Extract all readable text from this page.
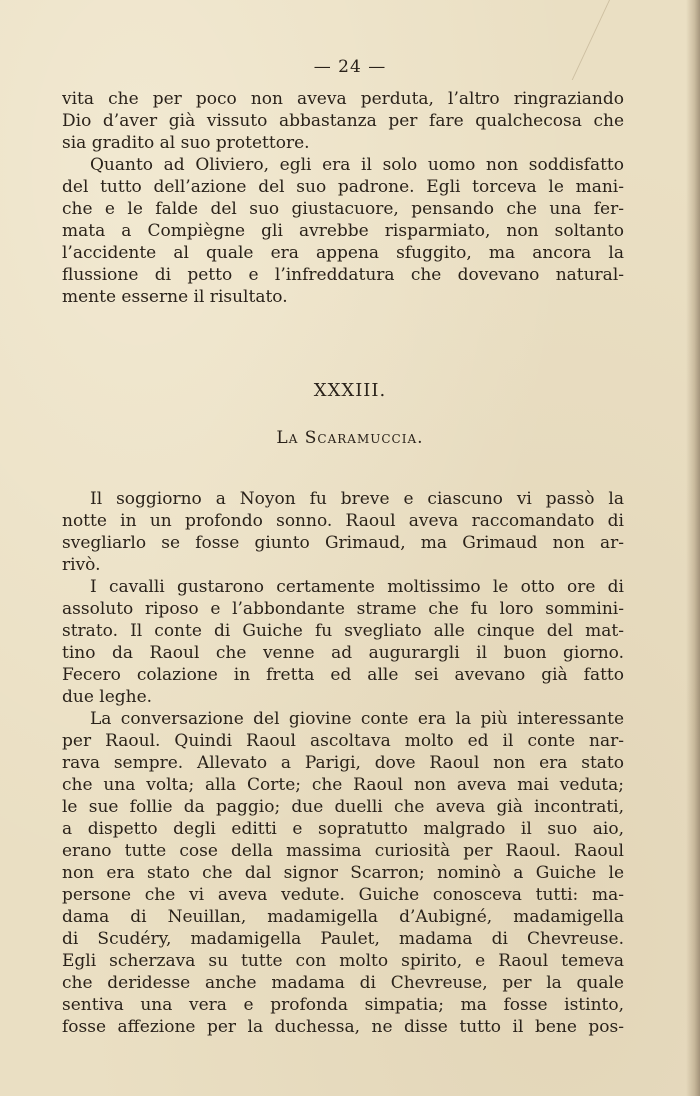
— 24 —
vita che per poco non aveva perduta, l’altro ringraziando
Dio d’aver già vissuto abbastanza per fare qualchecosa che
sia gradito al suo protettore.
Quanto ad Oliviero, egli era il solo uomo non soddisfatto
del tutto dell’azione del suo padrone. Egli torceva le mani-
che e le falde del suo giustacuore, pensando che una fer-
mata a Compiègne gli avrebbe risparmiato, non soltanto
l’accidente al quale era appena sfuggito, ma ancora la
flussione di petto e l’infreddatura che dovevano natural-
mente esserne il risultato.
XXXIII.
La Scaramuccia.
Il soggiorno a Noyon fu breve e ciascuno vi passò la
notte in un profondo sonno. Raoul aveva raccomandato di
svegliarlo se fosse giunto Grimaud, ma Grimaud non ar-
rivò.
I cavalli gustarono certamente moltissimo le otto ore di
assoluto riposo e l’abbondante strame che fu loro sommini-
strato. Il conte di Guiche fu svegliato alle cinque del mat-
tino da Raoul che venne ad augurargli il buon giorno.
Fecero colazione in fretta ed alle sei avevano già fatto
due leghe.
La conversazione del giovine conte era la più interessante
per Raoul. Quindi Raoul ascoltava molto ed il conte nar-
rava sempre. Allevato a Parigi, dove Raoul non era stato
che una volta; alla Corte; che Raoul non aveva mai veduta;
le sue follie da paggio; due duelli che aveva già incontrati,
a dispetto degli editti e sopratutto malgrado il suo aio,
erano tutte cose della massima curiosità per Raoul. Raoul
non era stato che dal signor Scarron; nominò a Guiche le
persone che vi aveva vedute. Guiche conosceva tutti: ma-
dama di Neuillan, madamigella d’Aubigné, madamigella
di Scudéry, madamigella Paulet, madama di Chevreuse.
Egli scherzava su tutte con molto spirito, e Raoul temeva
che deridesse anche madama di Chevreuse, per la quale
sentiva una vera e profonda simpatia; ma fosse istinto,
fosse affezione per la duchessa, ne disse tutto il bene pos-
